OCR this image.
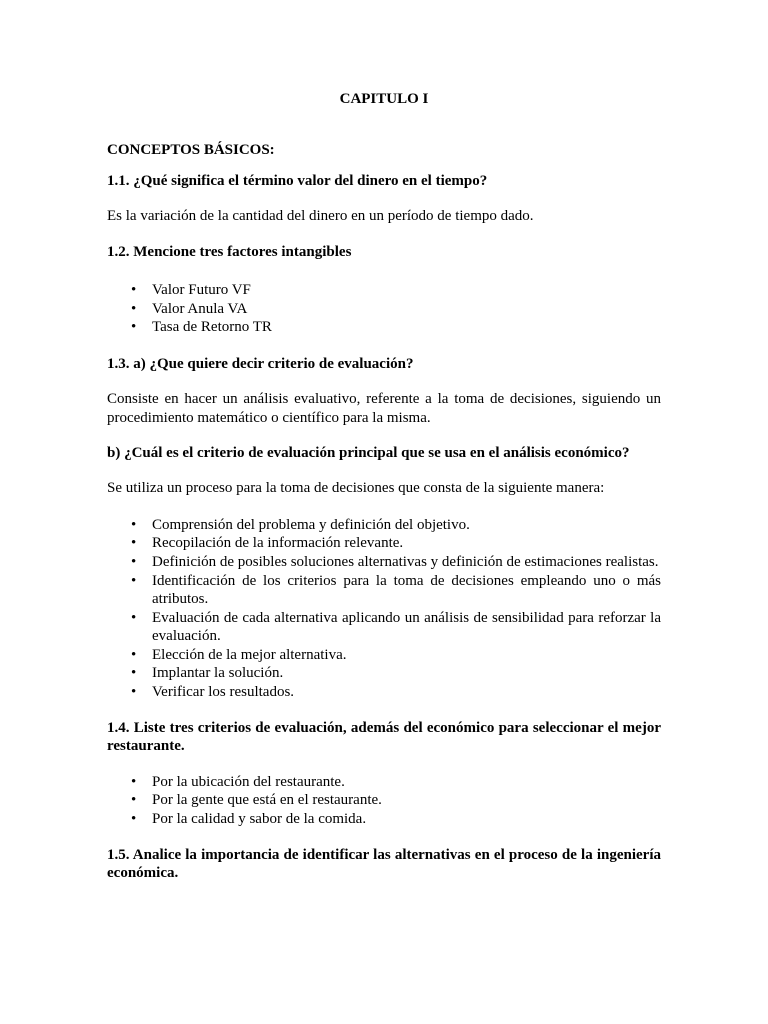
CAPITULO I

CONCEPTOS BÁSICOS:

1.1. ¿Qué significa el término valor del dinero en el tiempo?

Es la variación de la cantidad del dinero en un período de tiempo dado.

1.2. Mencione tres factores intangibles

• Valor Futuro VF
• Valor Anula VA
• Tasa de Retorno TR

1.3. a) ¿Que quiere decir criterio de evaluación?

Consiste en hacer un análisis evaluativo, referente a la toma de decisiones, siguiendo un procedimiento matemático o científico para la misma.

b) ¿Cuál es el criterio de evaluación principal que se usa en el análisis económico?

Se utiliza un proceso para la toma de decisiones que consta de la siguiente manera:

• Comprensión del problema y definición del objetivo.
• Recopilación de la información relevante.
• Definición de posibles soluciones alternativas y definición de estimaciones realistas.
• Identificación de los criterios para la toma de decisiones empleando uno o más atributos.
• Evaluación de cada alternativa aplicando un análisis de sensibilidad para reforzar la evaluación.
• Elección de la mejor alternativa.
• Implantar la solución.
• Verificar los resultados.

1.4. Liste tres criterios de evaluación, además del económico para seleccionar el mejor restaurante.

• Por la ubicación del restaurante.
• Por la gente que está en el restaurante.
• Por la calidad y sabor de la comida.

1.5. Analice la importancia de identificar las alternativas en el proceso de la ingeniería económica.
